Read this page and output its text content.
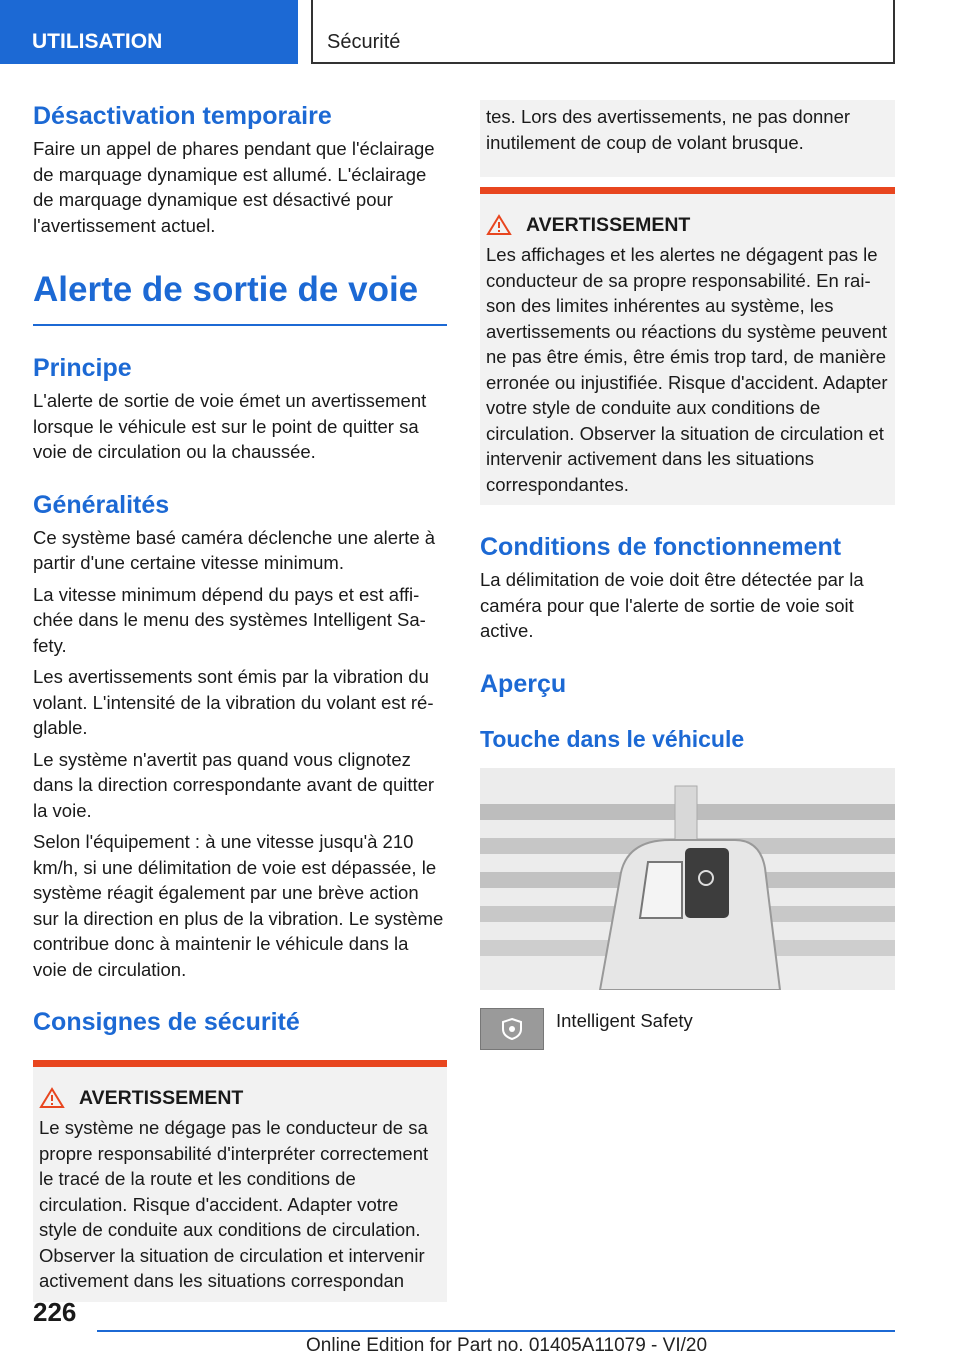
UTILISATION	Sécurité
Désactivation temporaire

Faire un appel de phares pendant que l'éclairage de marquage dynamique est allumé. L'éclairage de marquage dynamique est désactivé pour l'avertissement actuel.

Alerte de sortie de voie
Principe

L'alerte de sortie de voie émet un avertissement lorsque le véhicule est sur le point de quitter sa voie de circulation ou la chaussée.

Généralités

Ce système basé caméra déclenche une alerte à partir d'une certaine vitesse minimum.

La vitesse minimum dépend du pays et est affichée dans le menu des systèmes Intelligent Safety.

Les avertissements sont émis par la vibration du volant. L'intensité de la vibration du volant est réglable.

Le système n'avertit pas quand vous clignotez dans la direction correspondante avant de quitter la voie.

Selon l'équipement : à une vitesse jusqu'à 210 km/h, si une délimitation de voie est dépassée, le système réagit également par une brève action sur la direction en plus de la vibration. Le système contribue donc à maintenir le véhicule dans la voie de circulation.

Consignes de sécurité
AVERTISSEMENT

Le système ne dégage pas le conducteur de sa propre responsabilité d'interpréter correctement le tracé de la route et les conditions de circulation. Risque d'accident. Adapter votre style de conduite aux conditions de circulation. Observer la situation de circulation et intervenir activement dans les situations correspondan

tes. Lors des avertissements, ne pas donner inutilement de coup de volant brusque.

AVERTISSEMENT

Les affichages et les alertes ne dégagent pas le conducteur de sa propre responsabilité. En raison des limites inhérentes au système, les avertissements ou réactions du système peuvent ne pas être émis, être émis trop tard, de manière erronée ou injustifiée. Risque d'accident. Adapter votre style de conduite aux conditions de circulation. Observer la situation de circulation et intervenir activement dans les situations correspondantes.

Conditions de fonctionnement

La délimitation de voie doit être détectée par la caméra pour que l'alerte de sortie de voie soit active.

Aperçu
Touche dans le véhicule

Intelligent Safety

226
Online Edition for Part no. 01405A11079 - VI/20
